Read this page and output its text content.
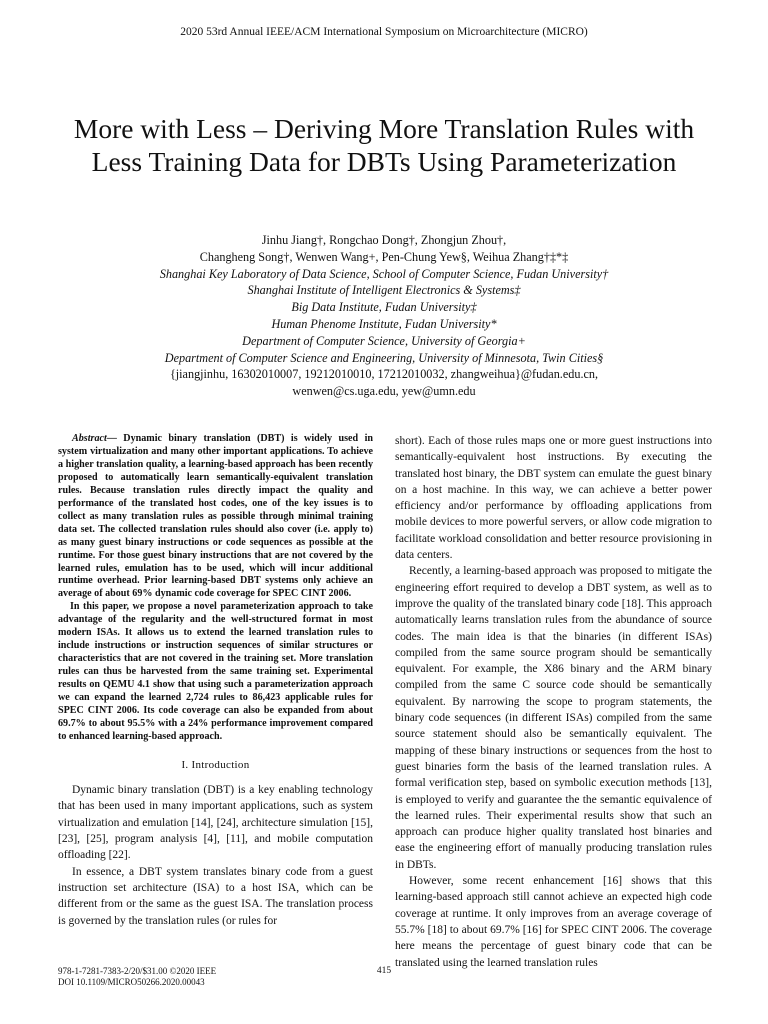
2020 53rd Annual IEEE/ACM International Symposium on Microarchitecture (MICRO)
More with Less – Deriving More Translation Rules with Less Training Data for DBTs Using Parameterization
Jinhu Jiang†, Rongchao Dong†, Zhongjun Zhou†,
Changheng Song†, Wenwen Wang+, Pen-Chung Yew§, Weihua Zhang†‡*‡
Shanghai Key Laboratory of Data Science, School of Computer Science, Fudan University†
Shanghai Institute of Intelligent Electronics & Systems‡
Big Data Institute, Fudan University‡
Human Phenome Institute, Fudan University*
Department of Computer Science, University of Georgia+
Department of Computer Science and Engineering, University of Minnesota, Twin Cities§
{jiangjinhu, 16302010007, 19212010010, 17212010032, zhangweihua}@fudan.edu.cn,
wenwen@cs.uga.edu, yew@umn.edu

Abstract— Dynamic binary translation (DBT) is widely used in system virtualization and many other important applications. To achieve a higher translation quality, a learning-based approach has been recently proposed to automatically learn semantically-equivalent translation rules. Because translation rules directly impact the quality and performance of the translated host codes, one of the key issues is to collect as many translation rules as possible through minimal training data set. The collected translation rules should also cover (i.e. apply to) as many guest binary instructions or code sequences as possible at the runtime. For those guest binary instructions that are not covered by the learned rules, emulation has to be used, which will incur additional runtime overhead. Prior learning-based DBT systems only achieve an average of about 69% dynamic code coverage for SPEC CINT 2006.

In this paper, we propose a novel parameterization approach to take advantage of the regularity and the well-structured format in most modern ISAs. It allows us to extend the learned translation rules to include instructions or instruction sequences of similar structures or characteristics that are not covered in the training set. More translation rules can thus be harvested from the same training set. Experimental results on QEMU 4.1 show that using such a parameterization approach we can expand the learned 2,724 rules to 86,423 applicable rules for SPEC CINT 2006. Its code coverage can also be expanded from about 69.7% to about 95.5% with a 24% performance improvement compared to enhanced learning-based approach.

I. Introduction

Dynamic binary translation (DBT) is a key enabling technology that has been used in many important applications, such as system virtualization and emulation [14], [24], architecture simulation [15], [23], [25], program analysis [4], [11], and mobile computation offloading [22].

In essence, a DBT system translates binary code from a guest instruction set architecture (ISA) to a host ISA, which can be different from or the same as the guest ISA. The translation process is governed by the translation rules (or rules for

short). Each of those rules maps one or more guest instructions into semantically-equivalent host instructions. By executing the translated host binary, the DBT system can emulate the guest binary on a host machine. In this way, we can achieve a better power efficiency and/or performance by offloading applications from mobile devices to more powerful servers, or allow code migration to facilitate workload consolidation and better resource provisioning in data centers.

Recently, a learning-based approach was proposed to mitigate the engineering effort required to develop a DBT system, as well as to improve the quality of the translated binary code [18]. This approach automatically learns translation rules from the abundance of source codes. The main idea is that the binaries (in different ISAs) compiled from the same source program should be semantically equivalent. For example, the X86 binary and the ARM binary compiled from the same C source code should be semantically equivalent. By narrowing the scope to program statements, the binary code sequences (in different ISAs) compiled from the same source statement should also be semantically equivalent. The mapping of these binary instructions or sequences from the host to guest binaries form the basis of the learned translation rules. A formal verification step, based on symbolic execution methods [13], is employed to verify and guarantee the the semantic equivalence of the learned rules. Their experimental results show that such an approach can produce higher quality translated host binaries and ease the engineering effort of manually producing translation rules in DBTs.

However, some recent enhancement [16] shows that this learning-based approach still cannot achieve an expected high code coverage at runtime. It only improves from an average coverage of 55.7% [18] to about 69.7% [16] for SPEC CINT 2006. The coverage here means the percentage of guest binary code that can be translated using the learned translation rules

978-1-7281-7383-2/20/$31.00 ©2020 IEEE
DOI 10.1109/MICRO50266.2020.00043
415
